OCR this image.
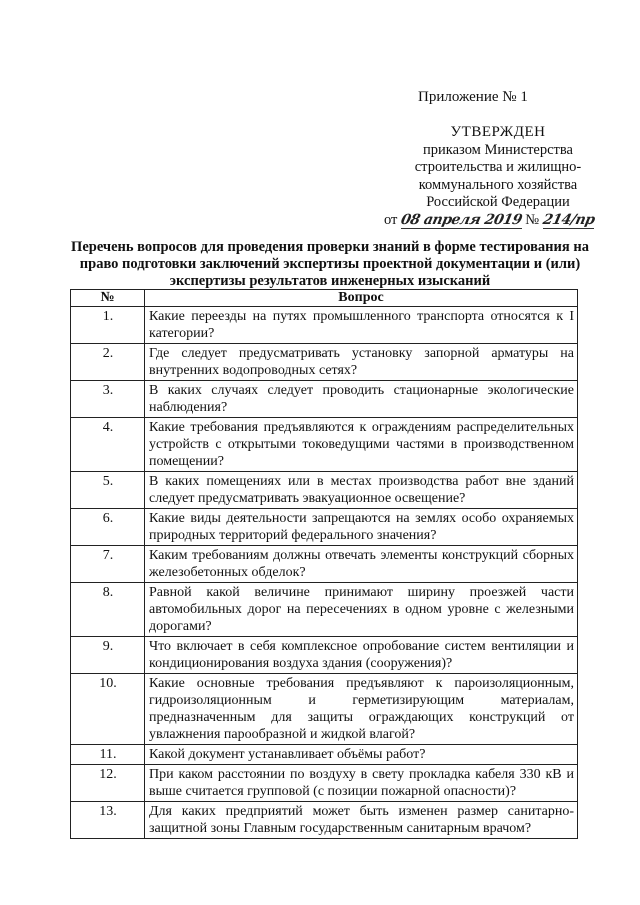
Приложение № 1
УТВЕРЖДЕН
приказом Министерства
строительства и жилищно-
коммунального хозяйства
Российской Федерации
от 08 апреля 2019 № 214/пр
Перечень вопросов для проведения проверки знаний в форме тестирования на право подготовки заключений экспертизы проектной документации и (или) экспертизы результатов инженерных изысканий
№	Вопрос
1.	Какие переезды на путях промышленного транспорта относятся к I категории?
2.	Где следует предусматривать установку запорной арматуры на внутренних водопроводных сетях?
3.	В каких случаях следует проводить стационарные экологические наблюдения?
4.	Какие требования предъявляются к ограждениям распределительных устройств с открытыми токоведущими частями в производственном помещении?
5.	В каких помещениях или в местах производства работ вне зданий следует предусматривать эвакуационное освещение?
6.	Какие виды деятельности запрещаются на землях особо охраняемых природных территорий федерального значения?
7.	Каким требованиям должны отвечать элементы конструкций сборных железобетонных обделок?
8.	Равной какой величине принимают ширину проезжей части автомобильных дорог на пересечениях в одном уровне с железными дорогами?
9.	Что включает в себя комплексное опробование систем вентиляции и кондиционирования воздуха здания (сооружения)?
10.	Какие основные требования предъявляют к пароизоляционным, гидроизоляционным и герметизирующим материалам, предназначенным для защиты ограждающих конструкций от увлажнения парообразной и жидкой влагой?
11.	Какой документ устанавливает объёмы работ?
12.	При каком расстоянии по воздуху в свету прокладка кабеля 330 кВ и выше считается групповой (с позиции пожарной опасности)?
13.	Для каких предприятий может быть изменен размер санитарно-защитной зоны Главным государственным санитарным врачом?
